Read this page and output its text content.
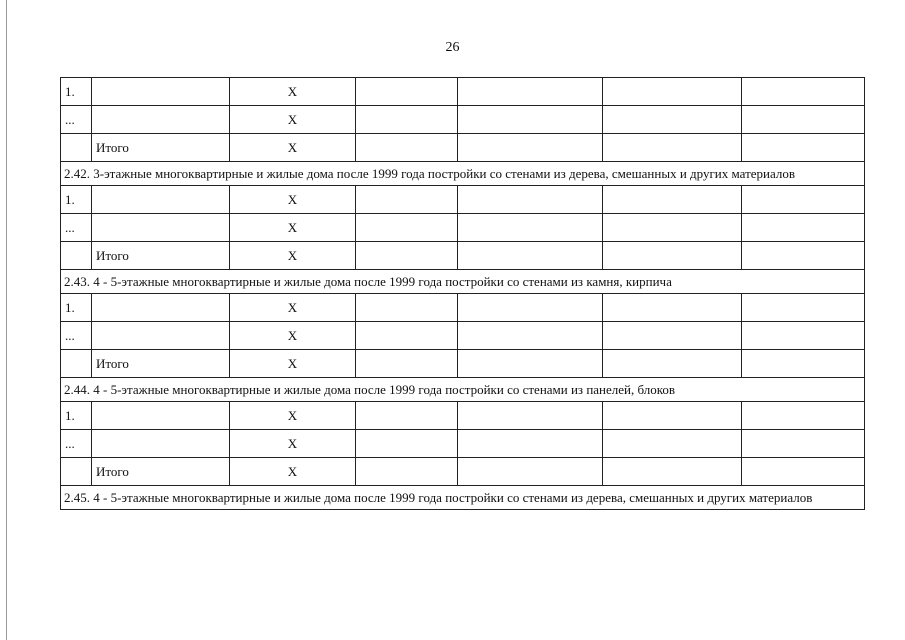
26
1.		X				
...		X				
	Итого	X				
2.42. 3-этажные многоквартирные и жилые дома после 1999 года постройки со стенами из дерева, смешанных и других материалов						
1.		X				
...		X				
	Итого	X				
2.43. 4 - 5-этажные многоквартирные и жилые дома после 1999 года постройки со стенами из камня, кирпича						
1.		X				
...		X				
	Итого	X				
2.44. 4 - 5-этажные многоквартирные и жилые дома после 1999 года постройки со стенами из панелей, блоков						
1.		X				
...		X				
	Итого	X				
2.45. 4 - 5-этажные многоквартирные и жилые дома после 1999 года постройки со стенами из дерева, смешанных и других материалов						
